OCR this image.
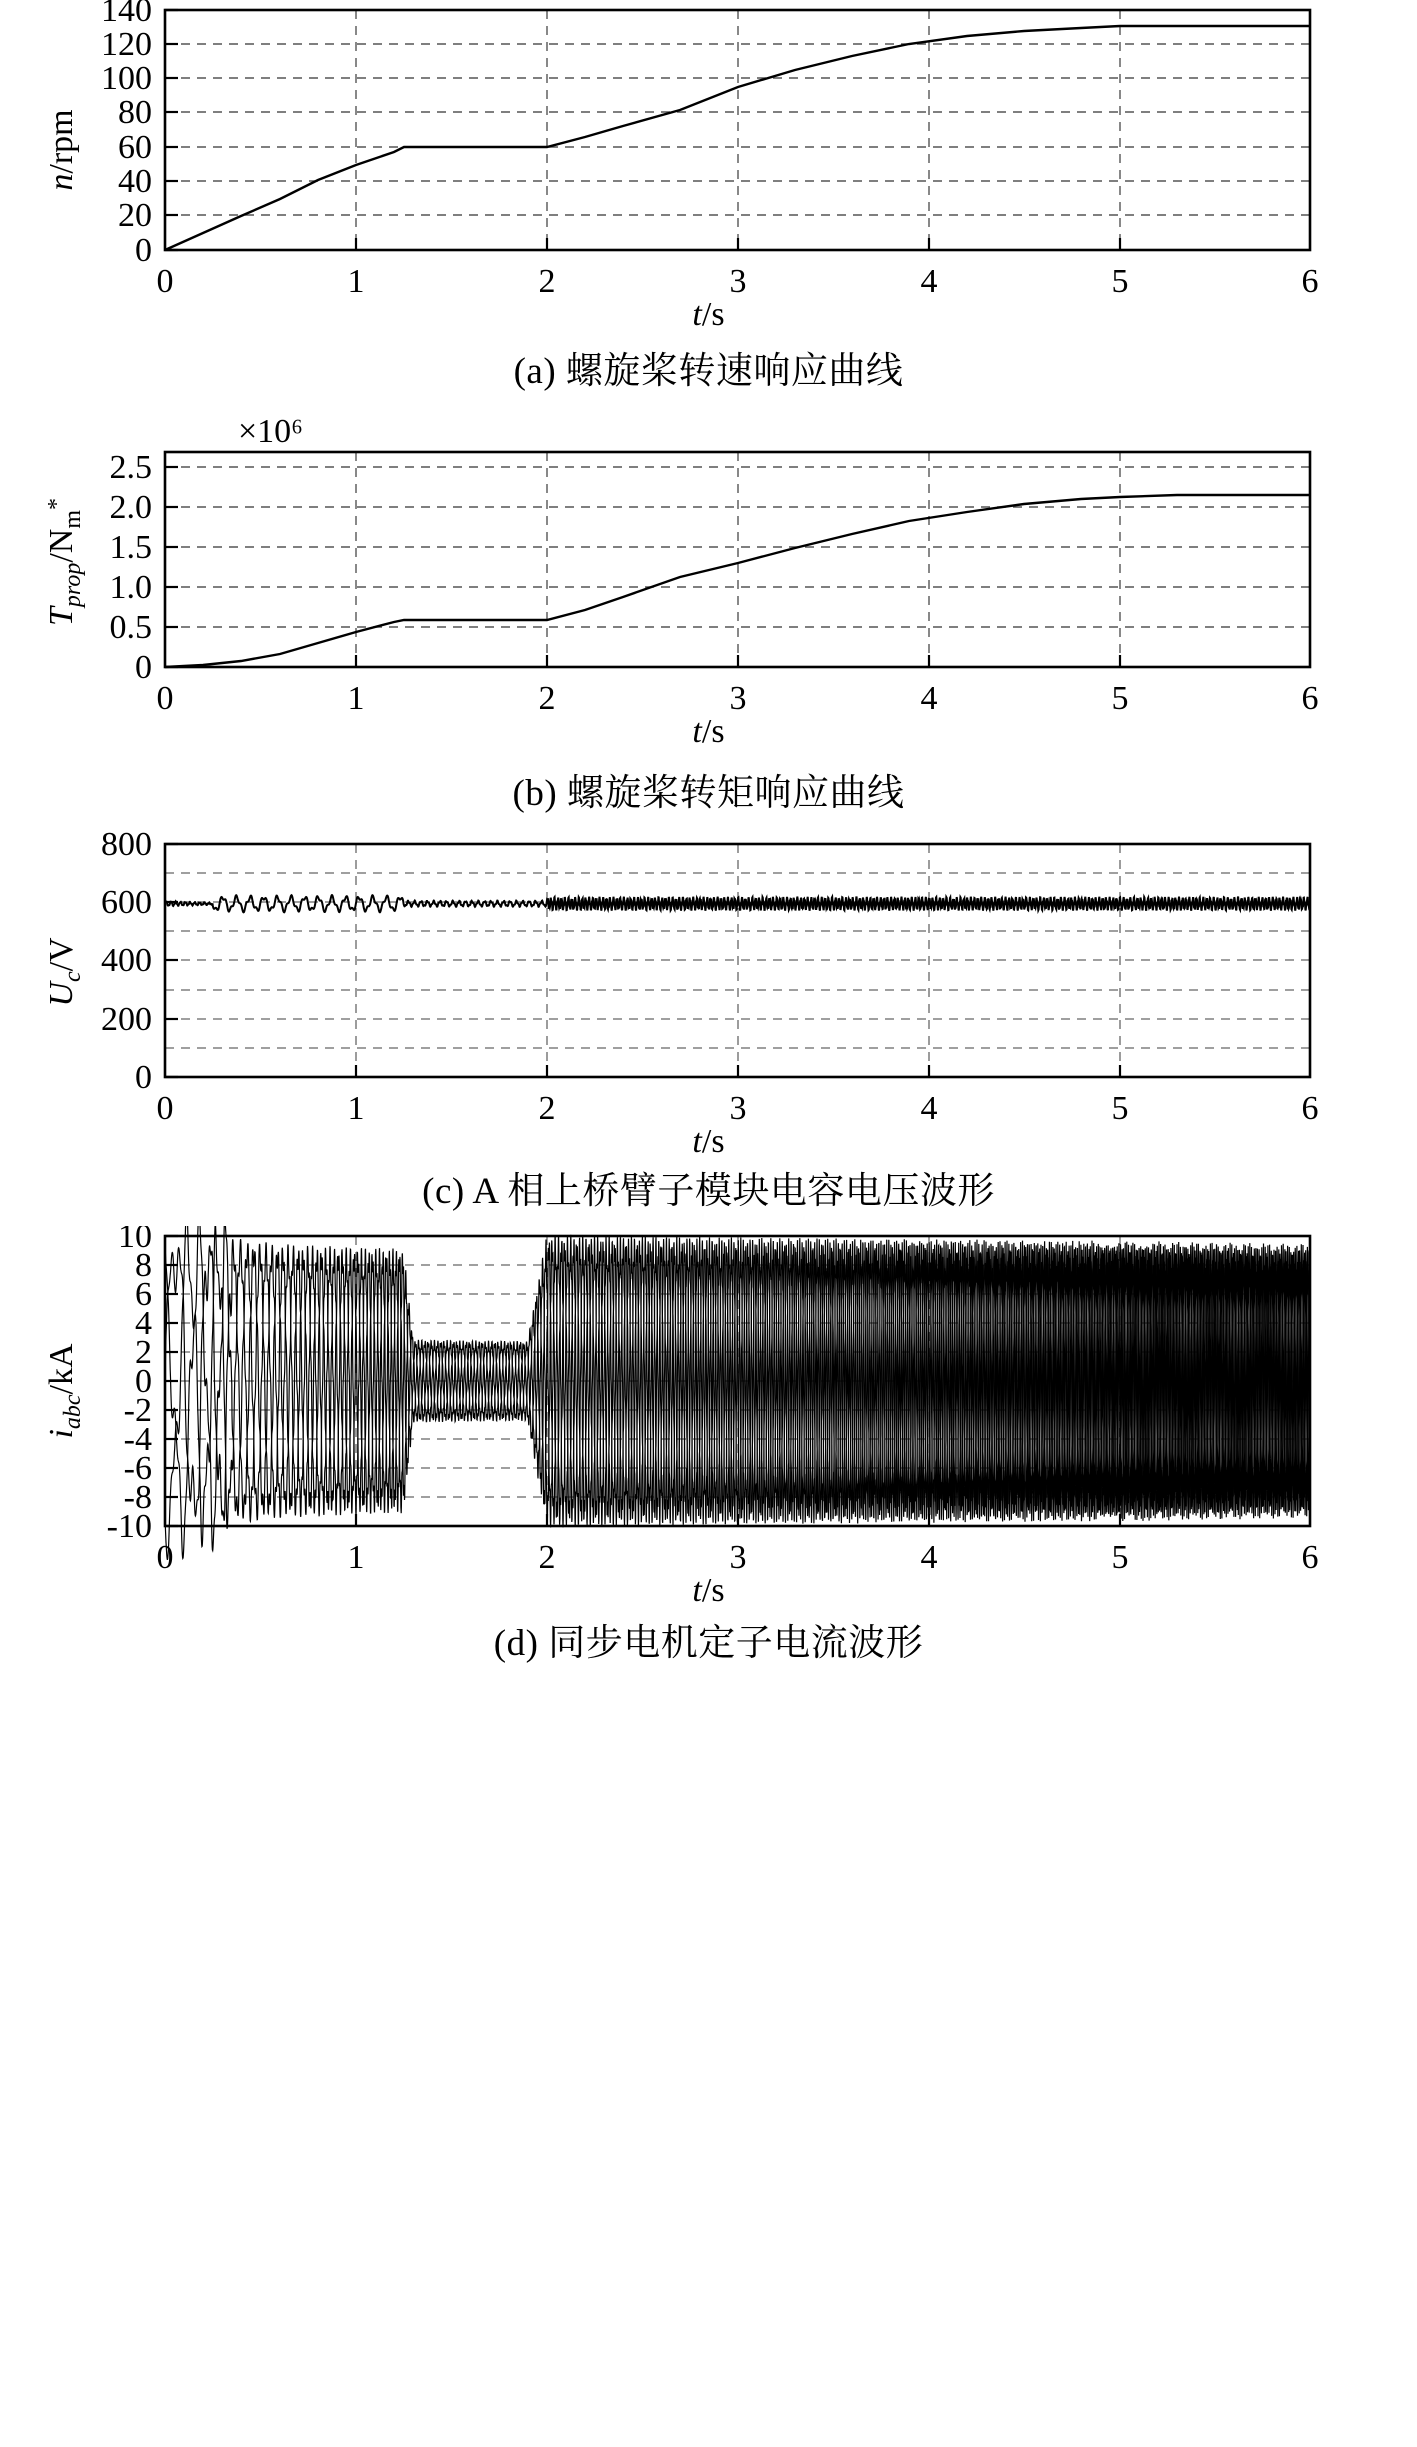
0
20
40
60
80
100
120
140
0	1	2	3	4	5	6
n/rpm
t/s
(a) 螺旋桨转速响应曲线
0
0.5
1.0
1.5
2.0
2.5
0	1	2	3	4	5	6
×10⁶
$T_{prop}/N_m^*$
t/s
(b) 螺旋桨转矩响应曲线
0
200
400
600
800
0	1	2	3	4	5	6
$U_c/V$
t/s
(c) A 相上桥臂子模块电容电压波形
-10
-8
-6
-4
-2
0
2
4
6
8
10
0	1	2	3	4	5	6
$i_{abc}/kA$
t/s
(d) 同步电机定子电流波形
